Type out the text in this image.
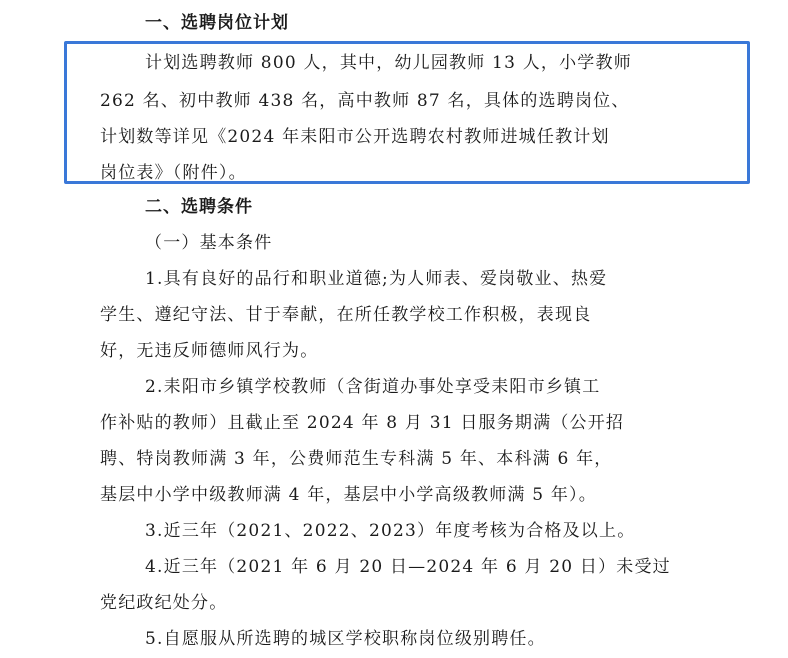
一、选聘岗位计划
计划选聘教师 800 人，其中，幼儿园教师 13 人，小学教师
262 名、初中教师 438 名，高中教师 87 名，具体的选聘岗位、
计划数等详见《2024 年耒阳市公开选聘农村教师进城任教计划
岗位表》（附件）。
二、选聘条件
（一）基本条件
1.具有良好的品行和职业道德;为人师表、爱岗敬业、热爱
学生、遵纪守法、甘于奉献，在所任教学校工作积极，表现良
好，无违反师德师风行为。
2.耒阳市乡镇学校教师（含街道办事处享受耒阳市乡镇工
作补贴的教师）且截止至 2024 年 8 月 31 日服务期满（公开招
聘、特岗教师满 3 年，公费师范生专科满 5 年、本科满 6 年，
基层中小学中级教师满 4 年，基层中小学高级教师满 5 年）。
3.近三年（2021、2022、2023）年度考核为合格及以上。
4.近三年（2021 年 6 月 20 日—2024 年 6 月 20 日）未受过
党纪政纪处分。
5.自愿服从所选聘的城区学校职称岗位级别聘任。
